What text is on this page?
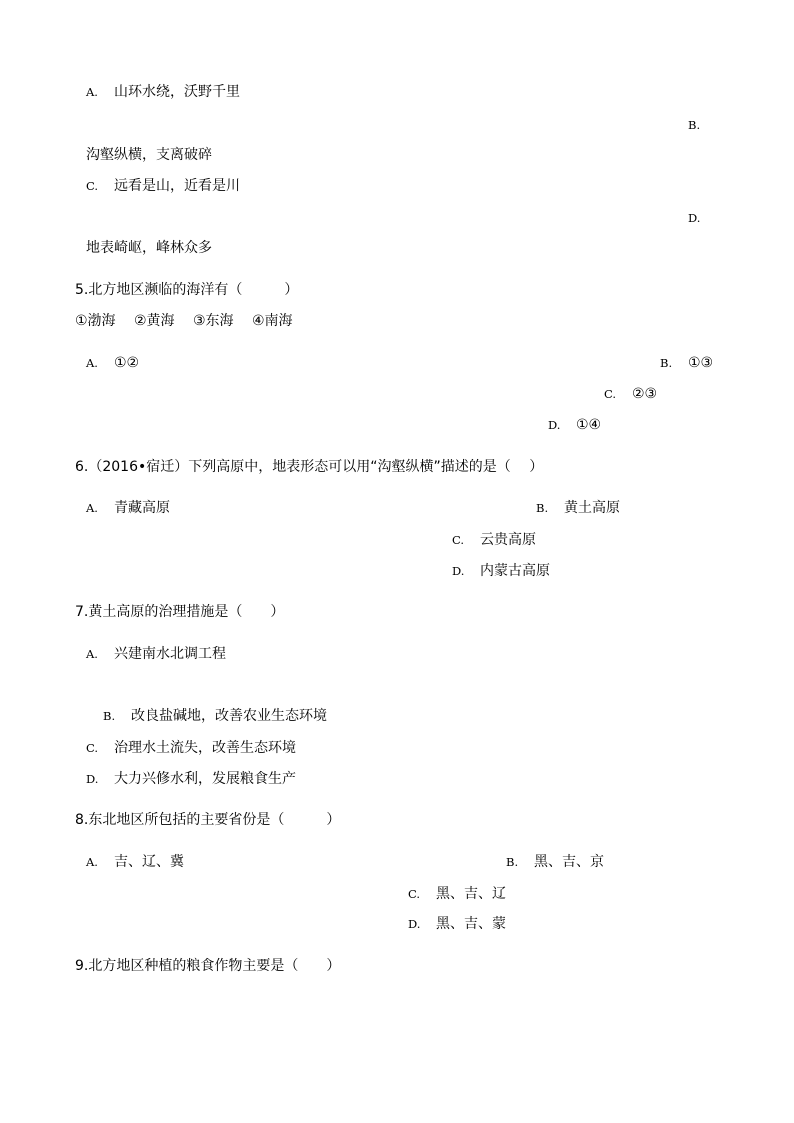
A. 山环水绕，沃野千里
B.
沟壑纵横，支离破碎
C. 远看是山，近看是川
D.
地表崎岖，峰林众多
5.北方地区濒临的海洋有（　　　）
①渤海　 ②黄海　 ③东海　 ④南海
A. ①②	B. ①③
C. ②③
D. ①④
6.（2016•宿迁）下列高原中，地表形态可以用“沟壑纵横”描述的是（　 ）
A. 青藏高原	B. 黄土高原
C. 云贵高原
D. 内蒙古高原
7.黄土高原的治理措施是（　　）
A. 兴建南水北调工程
B. 改良盐碱地，改善农业生态环境
C. 治理水土流失，改善生态环境
D. 大力兴修水利，发展粮食生产
8.东北地区所包括的主要省份是（　　　）
A. 吉、辽、冀	B. 黑、吉、京
C. 黑、吉、辽
D. 黑、吉、蒙
9.北方地区种植的粮食作物主要是（　　）
